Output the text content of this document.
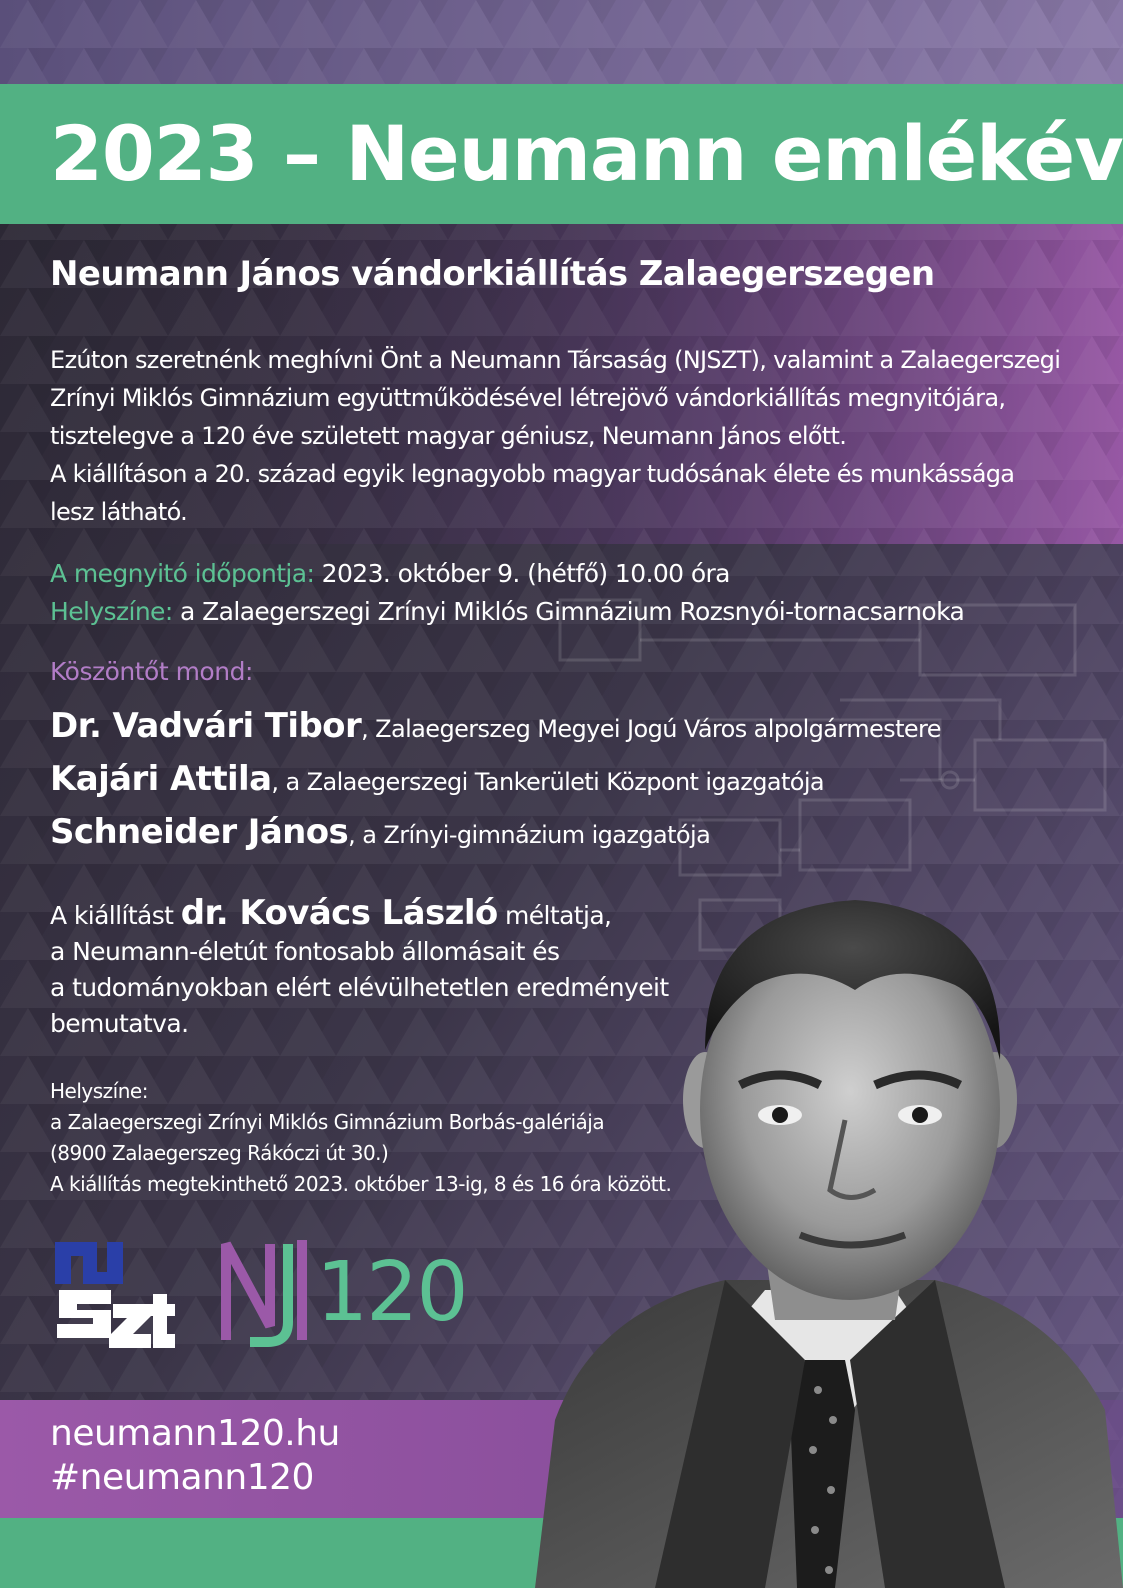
2023 – Neumann emlékév
Neumann János vándorkiállítás Zalaegerszegen
Ezúton szeretnénk meghívni Önt a Neumann Társaság (NJSZT), valamint a Zalaegerszegi
Zrínyi Miklós Gimnázium együttműködésével létrejövő vándorkiállítás megnyitójára,
tisztelegve a 120 éve született magyar géniusz, Neumann János előtt.
A kiállításon a 20. század egyik legnagyobb magyar tudósának élete és munkássága
lesz látható.
A megnyitó időpontja: 2023. október 9. (hétfő) 10.00 óra
Helyszíne: a Zalaegerszegi Zrínyi Miklós Gimnázium Rozsnyói-tornacsarnoka
Köszöntőt mond:
Dr. Vadvári Tibor, Zalaegerszeg Megyei Jogú Város alpolgármestere
Kajári Attila, a Zalaegerszegi Tankerületi Központ igazgatója
Schneider János, a Zrínyi-gimnázium igazgatója
A kiállítást dr. Kovács László méltatja,
a Neumann-életút fontosabb állomásait és
a tudományokban elért elévülhetetlen eredményeit
bemutatva.
Helyszíne:
a Zalaegerszegi Zrínyi Miklós Gimnázium Borbás-galériája
(8900 Zalaegerszeg Rákóczi út 30.)
A kiállítás megtekinthető 2023. október 13-ig, 8 és 16 óra között.
120
neumann120.hu
#neumann120
